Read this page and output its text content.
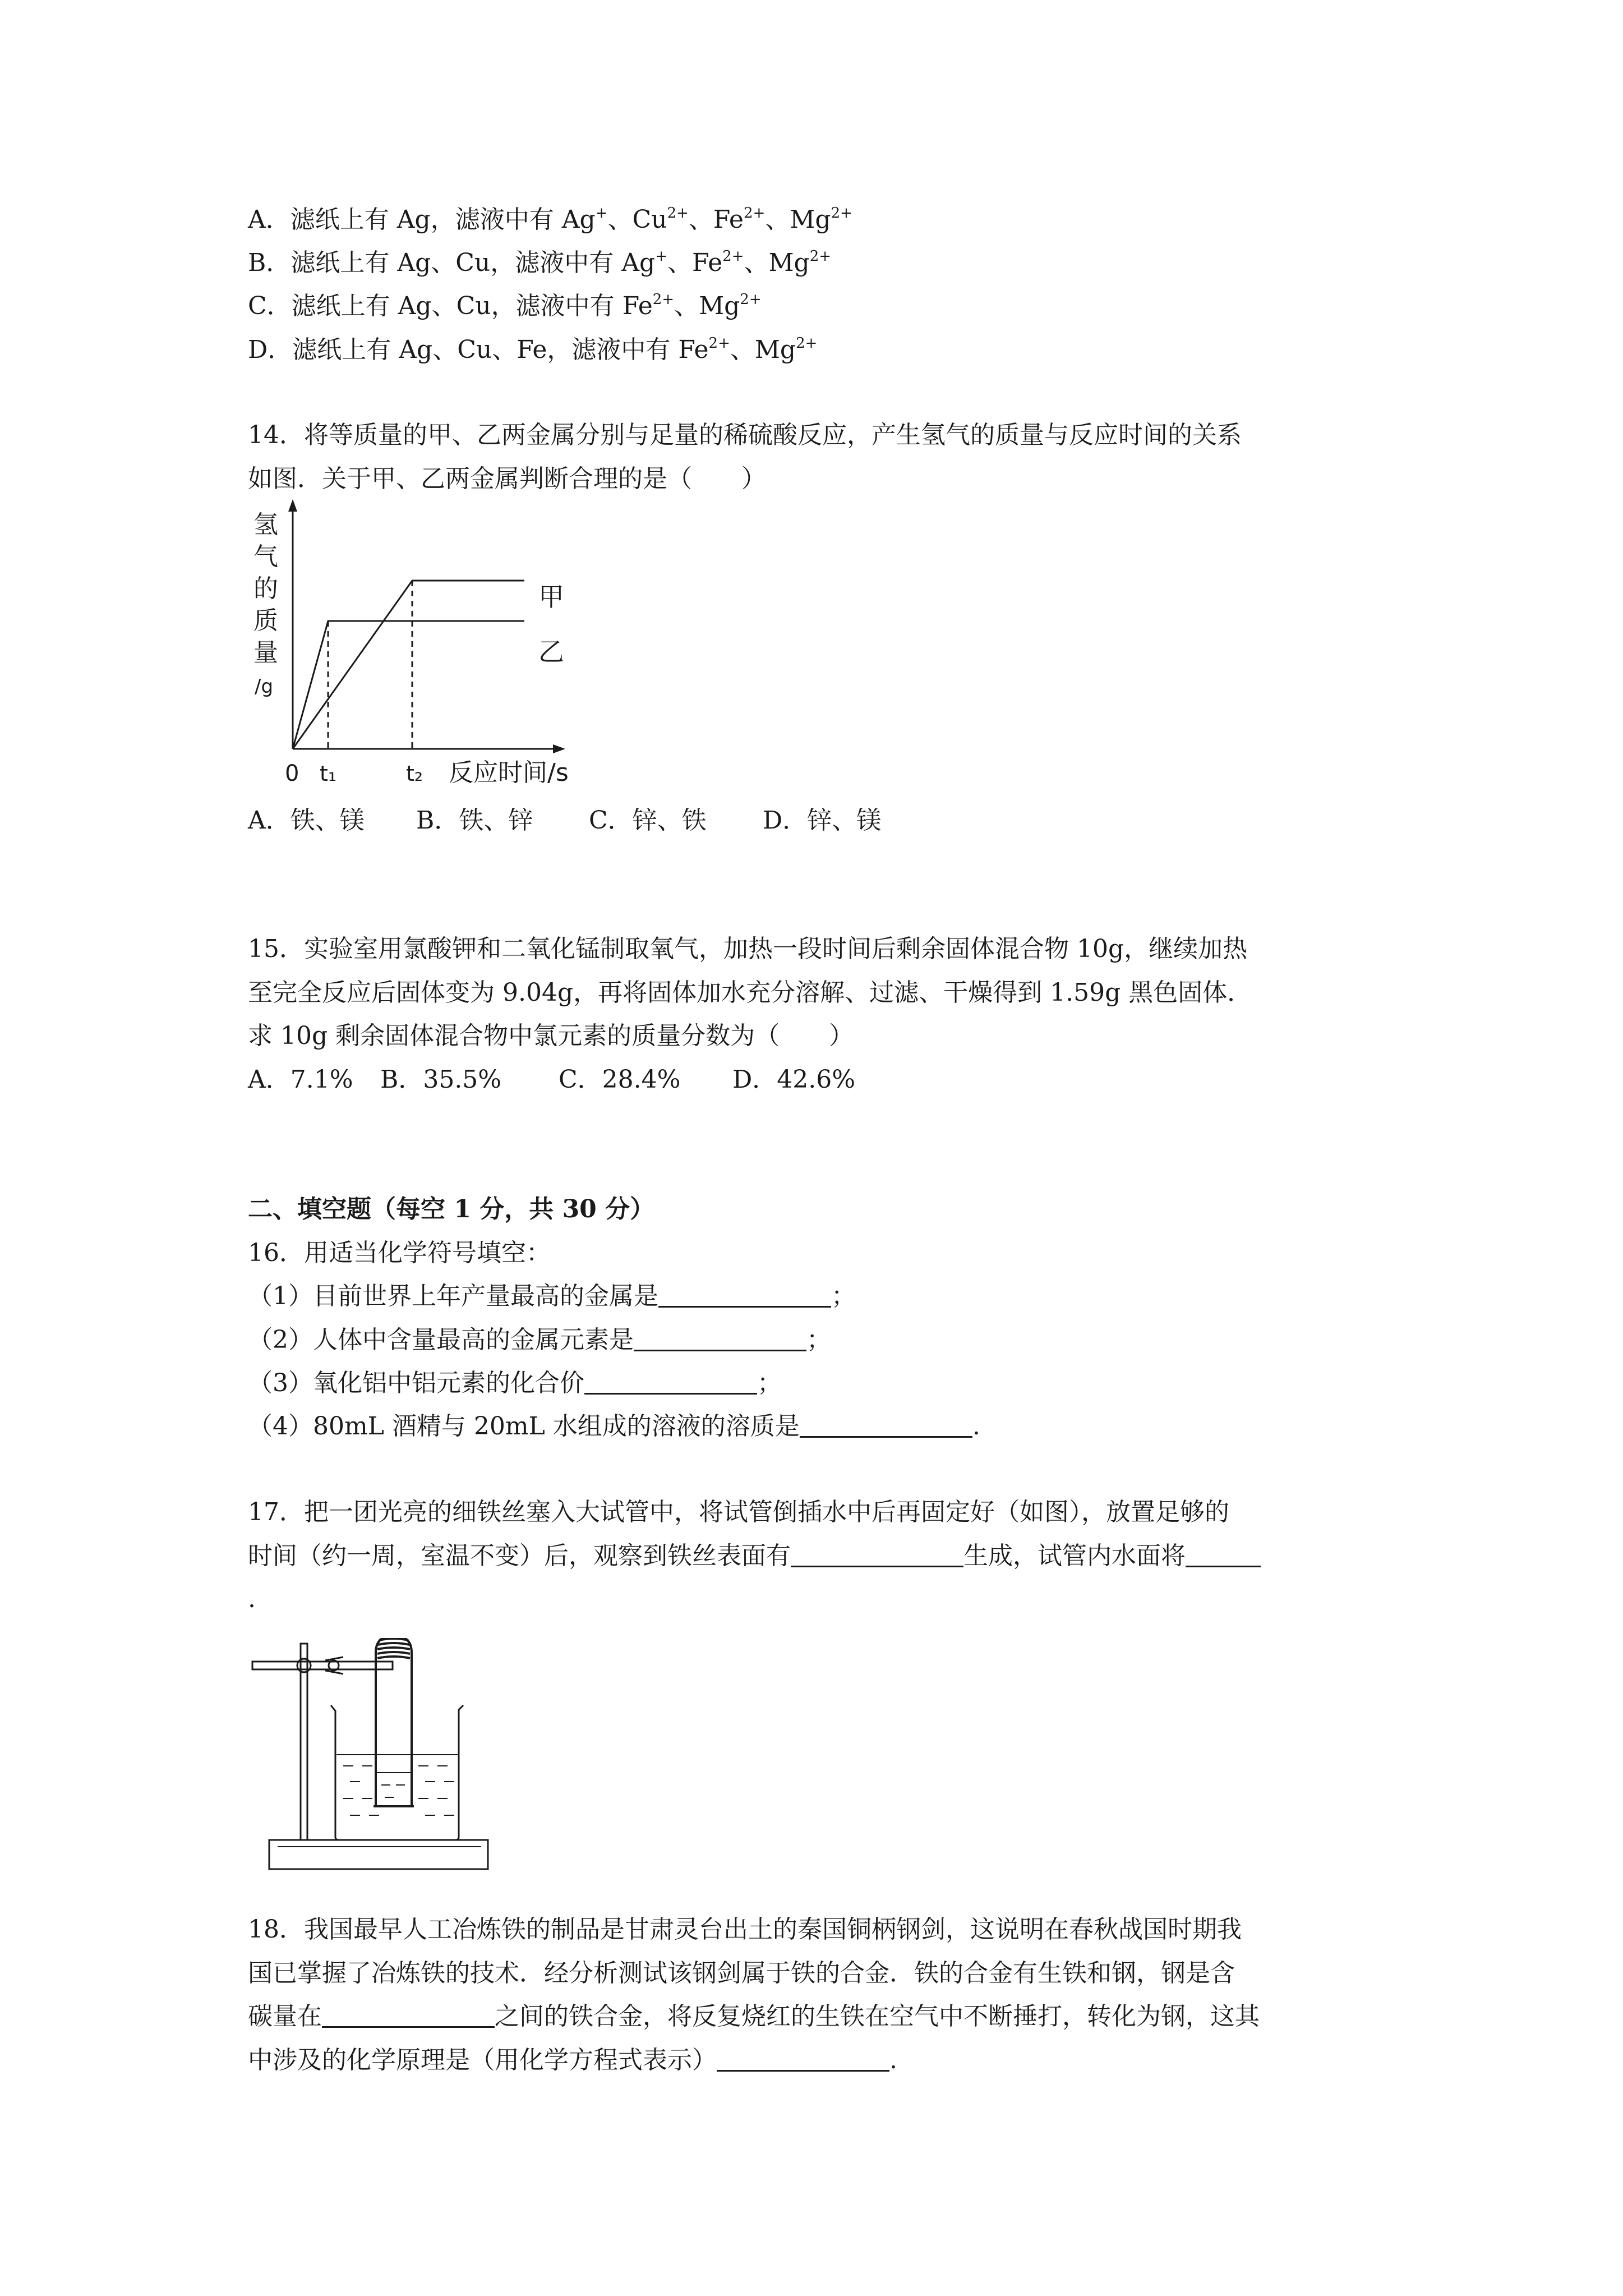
A．滤纸上有 Ag，滤液中有 Ag+、$Cu^{2+}$、$Fe^{2+}$、$Mg^{2+}$
B．滤纸上有 Ag、Cu，滤液中有 Ag+、$Fe^{2+}$、$Mg^{2+}$
C．滤纸上有 Ag、Cu，滤液中有 $Fe^{2+}$、$Mg^{2+}$
D．滤纸上有 Ag、Cu、Fe，滤液中有 $Fe^{2+}$、$Mg^{2+}$
14．将等质量的甲、乙两金属分别与足量的稀硫酸反应，产生氢气的质量与反应时间的关系
如图．关于甲、乙两金属判断合理的是（　　）
氢
气
的
质
量
/g
甲
乙
0 t₁	t₂ 反应时间/s
A．铁、镁 B．铁、锌 C．锌、铁 D．锌、镁
15．实验室用氯酸钾和二氧化锰制取氧气，加热一段时间后剩余固体混合物 10g，继续加热
至完全反应后固体变为 9.04g，再将固体加水充分溶解、过滤、干燥得到 1.59g 黑色固体．
求 10g 剩余固体混合物中氯元素的质量分数为（　　）
A．7.1% B．35.5% C．28.4% D．42.6%
二、填空题（每空 1 分，共 30 分）
16．用适当化学符号填空：
（1）目前世界上年产量最高的金属是	；
（2）人体中含量最高的金属元素是	；
（3）氧化铝中铝元素的化合价	；
（4）80mL 酒精与 20mL 水组成的溶液的溶质是	.
17．把一团光亮的细铁丝塞入大试管中，将试管倒插水中后再固定好（如图），放置足够的
时间（约一周，室温不变）后，观察到铁丝表面有	生成，试管内水面将
.
18．我国最早人工冶炼铁的制品是甘肃灵台出土的秦国铜柄钢剑，这说明在春秋战国时期我
国已掌握了冶炼铁的技术．经分析测试该钢剑属于铁的合金．铁的合金有生铁和钢，钢是含
碳量在	之间的铁合金，将反复烧红的生铁在空气中不断捶打，转化为钢，这其
中涉及的化学原理是（用化学方程式表示）	.
